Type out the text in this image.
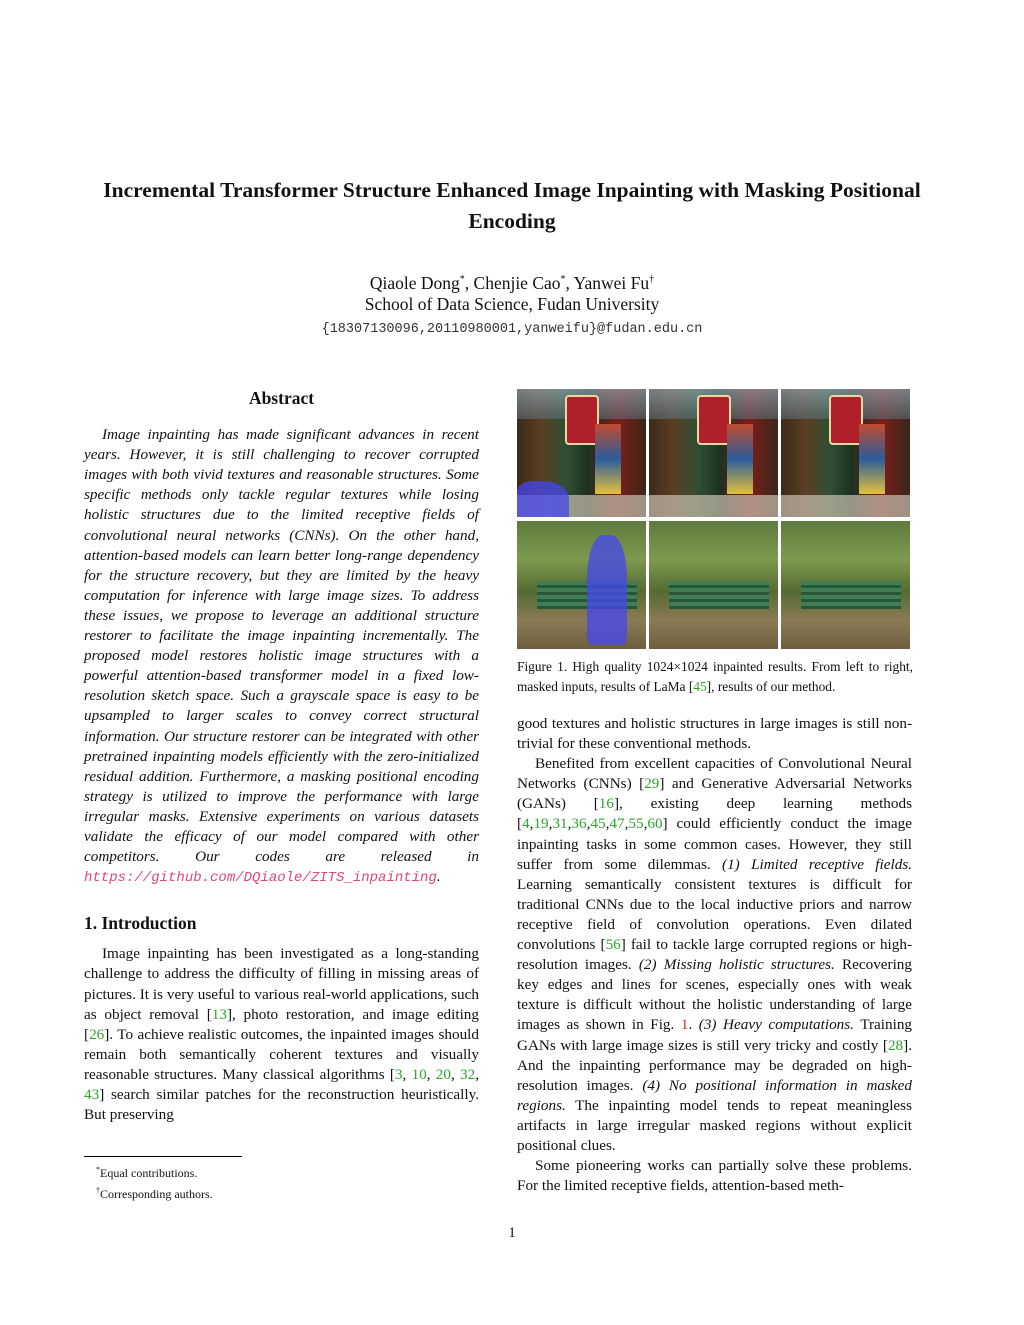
Incremental Transformer Structure Enhanced Image Inpainting with Masking Positional Encoding
Qiaole Dong*, Chenjie Cao*, Yanwei Fu†
School of Data Science, Fudan University
{18307130096,20110980001,yanweifu}@fudan.edu.cn
Abstract

Image inpainting has made significant advances in recent years. However, it is still challenging to recover corrupted images with both vivid textures and reasonable structures. Some specific methods only tackle regular textures while losing holistic structures due to the limited receptive fields of convolutional neural networks (CNNs). On the other hand, attention-based models can learn better long-range dependency for the structure recovery, but they are limited by the heavy computation for inference with large image sizes. To address these issues, we propose to leverage an additional structure restorer to facilitate the image inpainting incrementally. The proposed model restores holistic image structures with a powerful attention-based transformer model in a fixed low-resolution sketch space. Such a grayscale space is easy to be upsampled to larger scales to convey correct structural information. Our structure restorer can be integrated with other pretrained inpainting models efficiently with the zero-initialized residual addition. Furthermore, a masking positional encoding strategy is utilized to improve the performance with large irregular masks. Extensive experiments on various datasets validate the efficacy of our model compared with other competitors. Our codes are released in https://github.com/DQiaole/ZITS_inpainting.

1. Introduction

Image inpainting has been investigated as a long-standing challenge to address the difficulty of filling in missing areas of pictures. It is very useful to various real-world applications, such as object removal [13], photo restoration, and image editing [26]. To achieve realistic outcomes, the inpainted images should remain both semantically coherent textures and visually reasonable structures. Many classical algorithms [3, 10, 20, 32, 43] search similar patches for the reconstruction heuristically. But preserving

*Equal contributions.

†Corresponding authors.

Figure 1. High quality 1024×1024 inpainted results. From left to right, masked inputs, results of LaMa [45], results of our method.

good textures and holistic structures in large images is still non-trivial for these conventional methods.

Benefited from excellent capacities of Convolutional Neural Networks (CNNs) [29] and Generative Adversarial Networks (GANs) [16], existing deep learning methods [4,19,31,36,45,47,55,60] could efficiently conduct the image inpainting tasks in some common cases. However, they still suffer from some dilemmas. (1) Limited receptive fields. Learning semantically consistent textures is difficult for traditional CNNs due to the local inductive priors and narrow receptive field of convolution operations. Even dilated convolutions [56] fail to tackle large corrupted regions or high-resolution images. (2) Missing holistic structures. Recovering key edges and lines for scenes, especially ones with weak texture is difficult without the holistic understanding of large images as shown in Fig. 1. (3) Heavy computations. Training GANs with large image sizes is still very tricky and costly [28]. And the inpainting performance may be degraded on high-resolution images. (4) No positional information in masked regions. The inpainting model tends to repeat meaningless artifacts in large irregular masked regions without explicit positional clues.

Some pioneering works can partially solve these problems. For the limited receptive fields, attention-based meth-

1
